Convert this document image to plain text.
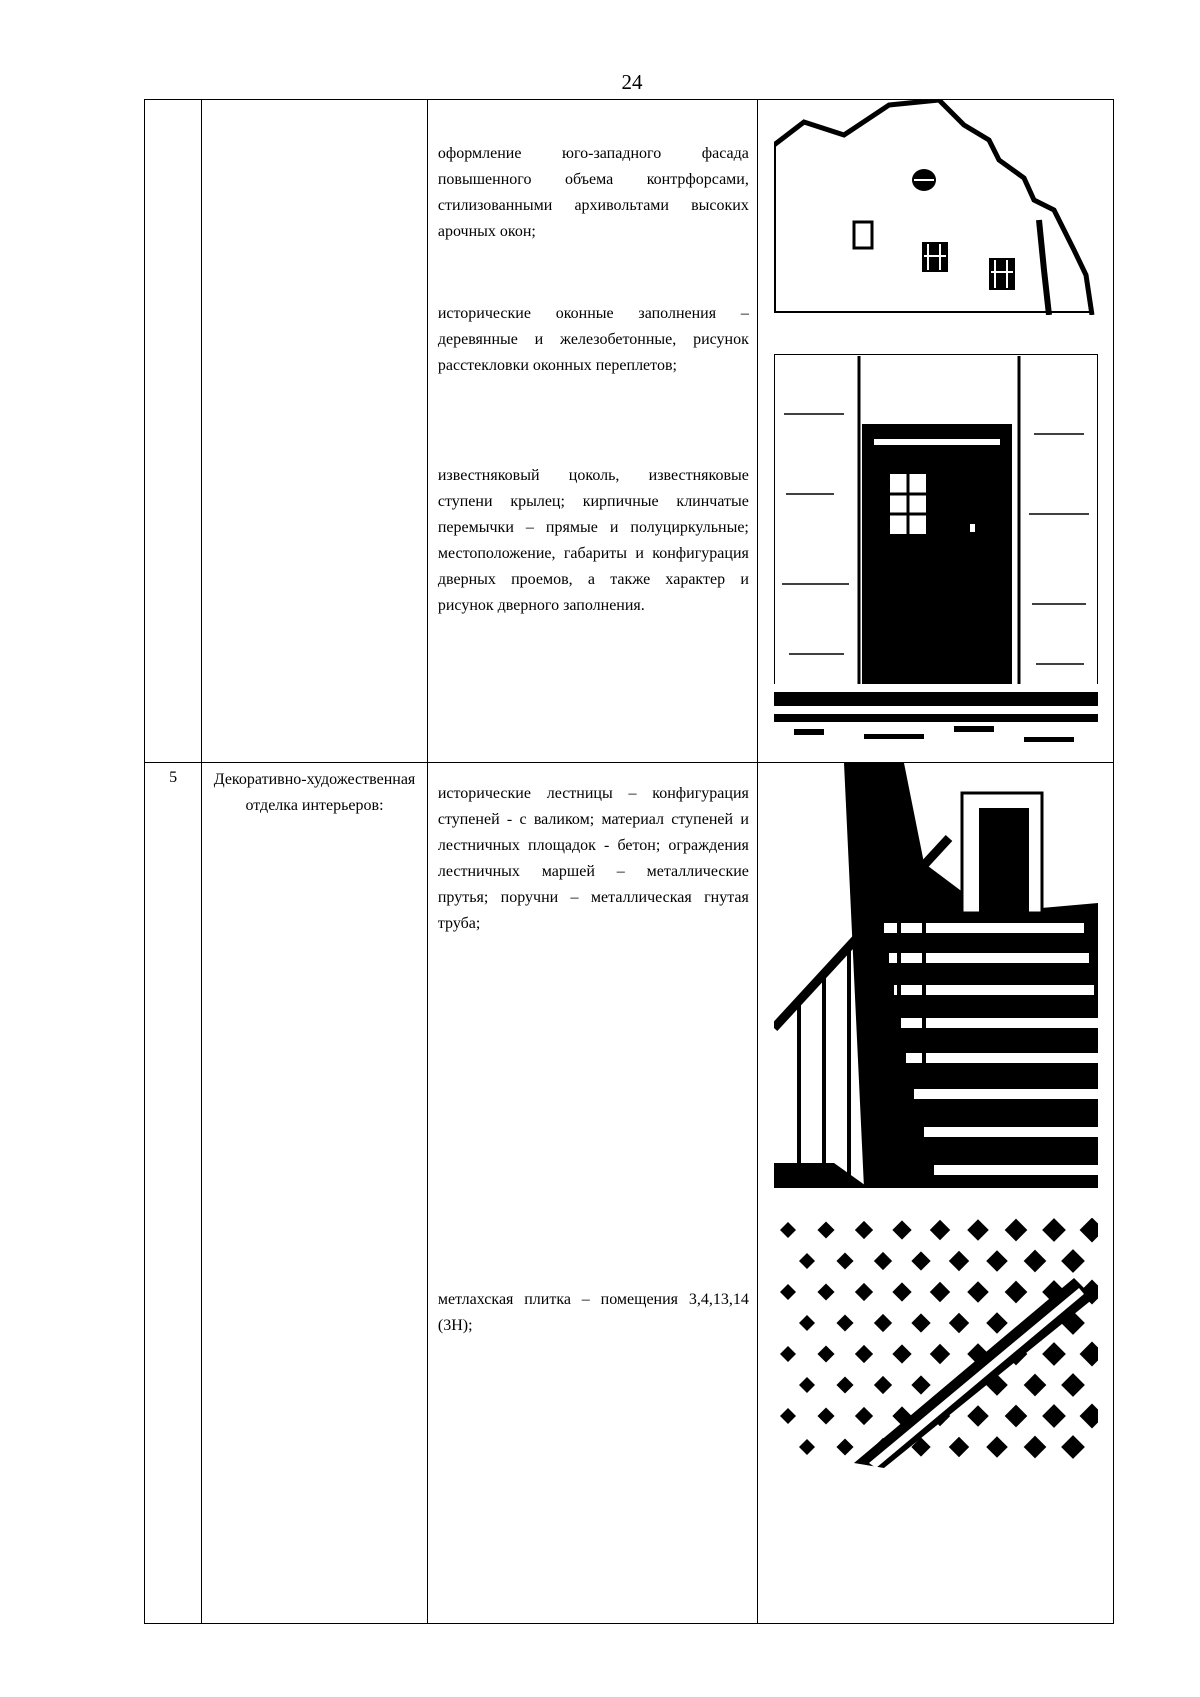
24

		оформление юго-западного фасада повышенного объема контрфорсами, стилизованными архивольтами высоких арочных окон;

исторические оконные заполнения – деревянные и железобетонные, рисунок расстекловки оконных переплетов;

известняковый цоколь, известняковые ступени крылец; кирпичные клинчатые перемычки – прямые и полуциркульные; местоположение, габариты и конфигурация дверных проемов, а также характер и рисунок дверного заполнения.

5	Декоративно-художественная отделка интерьеров:	исторические лестницы – конфигурация ступеней - с валиком; материал ступеней и лестничных площадок - бетон; ограждения лестничных маршей – металлические прутья; поручни – металлическая гнутая труба;

метлахская плитка – помещения 3,4,13,14 (3Н);
